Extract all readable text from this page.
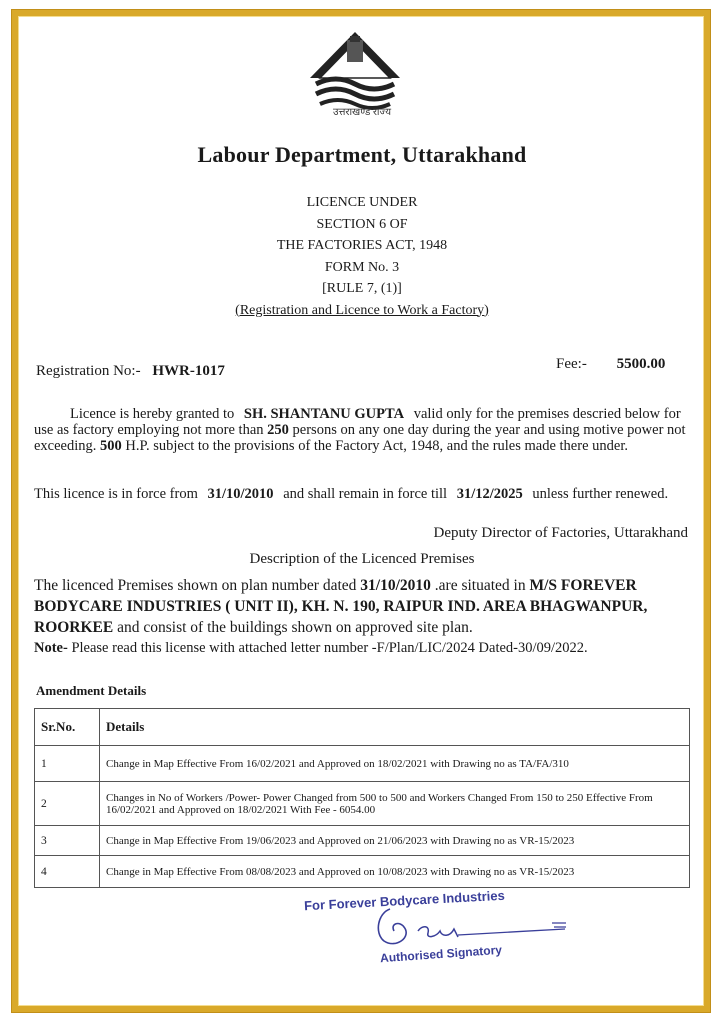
उत्तराखण्ड राज्य
Labour Department, Uttarakhand
LICENCE UNDER
SECTION 6 OF
THE FACTORIES ACT, 1948
FORM No. 3
[RULE 7, (1)]
(Registration and Licence to Work a Factory)
Registration No:- HWR-1017	Fee:- 5500.00
Licence is hereby granted to SH. SHANTANU GUPTA valid only for the premises descried below for use as factory employing not more than 250 persons on any one day during the year and using motive power not exceeding. 500 H.P. subject to the provisions of the Factory Act, 1948, and the rules made there under.
This licence is in force from 31/10/2010 and shall remain in force till 31/12/2025 unless further renewed.
Deputy Director of Factories, Uttarakhand
Description of the Licenced Premises
The licenced Premises shown on plan number dated 31/10/2010 .are situated in M/S FOREVER BODYCARE INDUSTRIES ( UNIT II), KH. N. 190, RAIPUR IND. AREA BHAGWANPUR, ROORKEE and consist of the buildings shown on approved site plan.
Note- Please read this license with attached letter number -F/Plan/LIC/2024 Dated-30/09/2022.
Amendment Details
Sr.No.	Details
1	Change in Map Effective From 16/02/2021 and Approved on 18/02/2021 with Drawing no as TA/FA/310
2	Changes in No of Workers /Power- Power Changed from 500 to 500 and Workers Changed From 150 to 250 Effective From 16/02/2021 and Approved on 18/02/2021 With Fee - 6054.00
3	Change in Map Effective From 19/06/2023 and Approved on 21/06/2023 with Drawing no as VR-15/2023
4	Change in Map Effective From 08/08/2023 and Approved on 10/08/2023 with Drawing no as VR-15/2023
For Forever Bodycare Industries
Authorised Signatory
